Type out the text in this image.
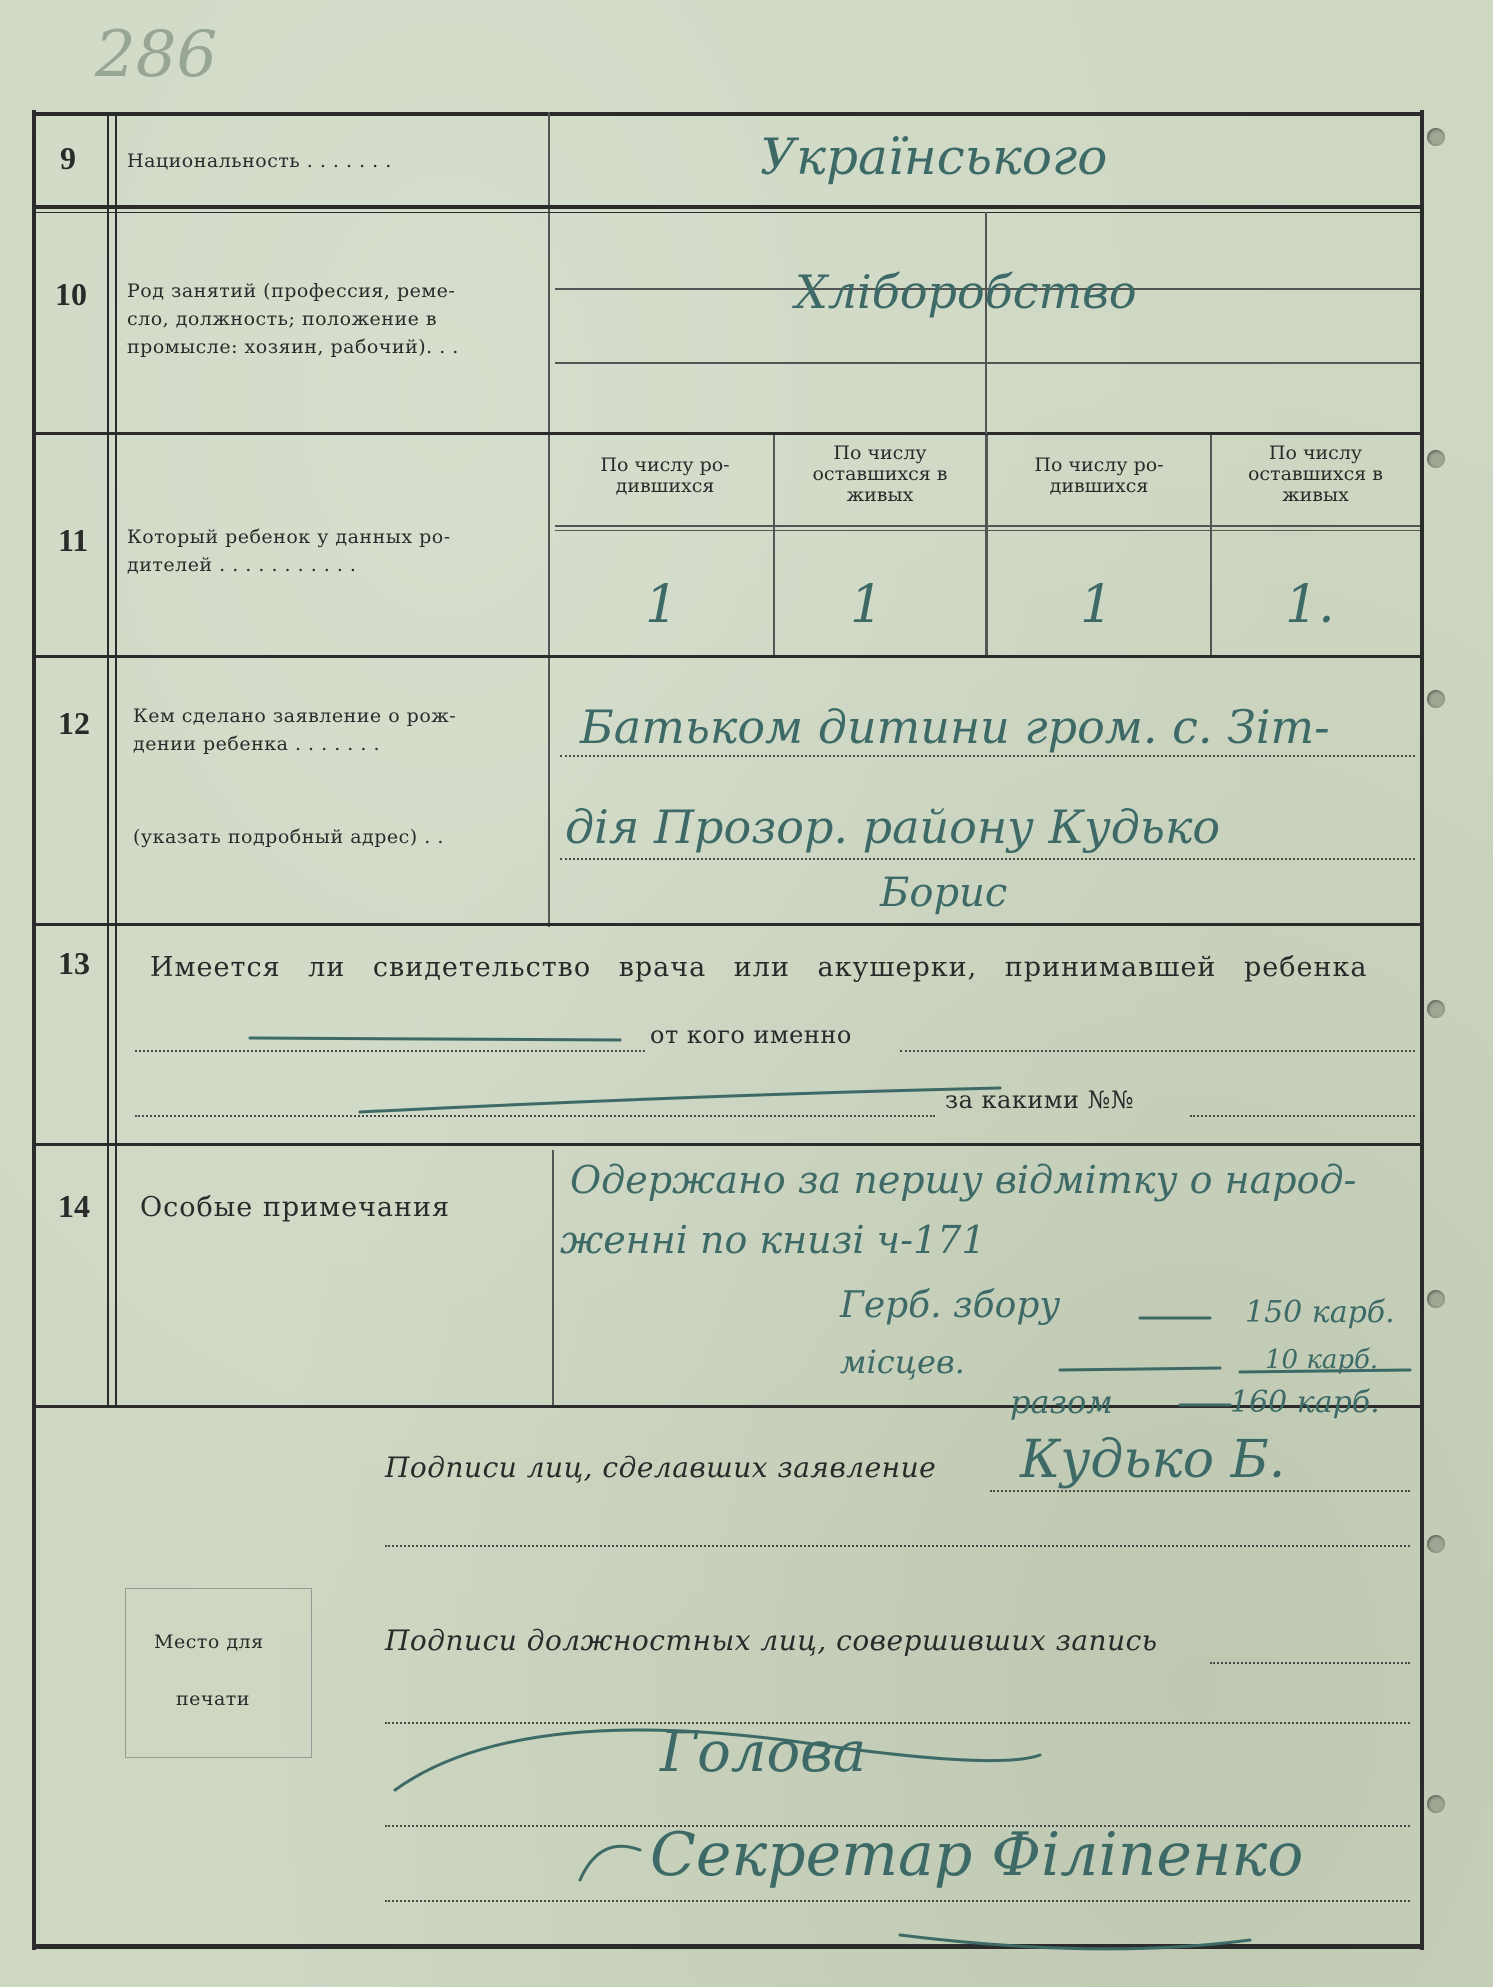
286
9	Национальность . . . . . . .	Українського
10 Род занятий (профессия, реме-
сло, должность; положение в
промысле: хозяин, рабочий). . .
Хліборобство
11 Который ребенок у данных ро-
дителей . . . . . . . . . . .
По числу ро-
дившихся
По числу
оставшихся в
живых
По числу ро-
дившихся
По числу
оставшихся в
живых
1	1	1	1.
12 Кем сделано заявление о рож-
дении ребенка . . . . . . .
(указать подробный адрес) . .
Батьком дитини гром. с. Зіт-
дія Прозор. району Кудько
Борис
13 Имеется ли свидетельство врача или акушерки, принимавшей ребенка
от кого именно
за какими №№
14 Особые примечания
Одержано за першу відмітку о народ-
женні по книзі ч-171
Герб. збору	150 карб.
місцев.	10 карб.
разом	160 карб.
Подписи лиц, сделавших заявление Кудько Б.
Место для
печати
Подписи должностных лиц, совершивших запись
Голова
Секретар Філіпенко
